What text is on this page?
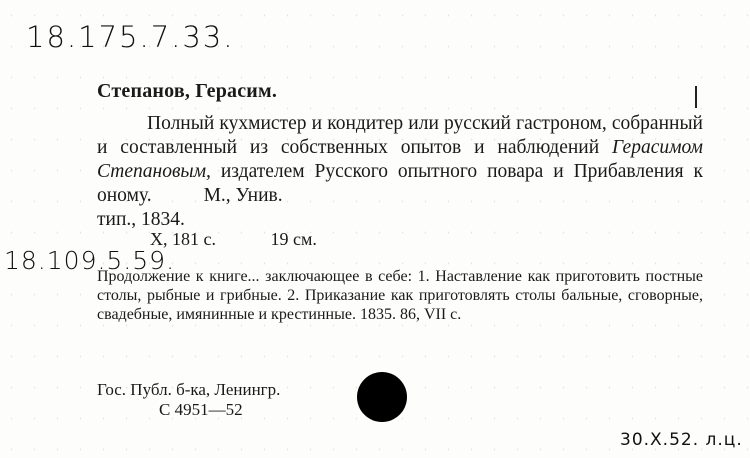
18.175.7.33.
Степанов, Герасим.
Полный кухмистер и кондитер или русский гастроном, собранный и составленный из собственных опытов и наблюдений Герасимом Степановым, издателем Русского опытного повара и Прибавления к оному.	М., Унив.
тип., 1834.
X, 181 с.	19 см.
18.109.5.59.
Продолжение к книге... заключающее в себе: 1. Наставление как приготовить постные столы, рыбные и грибные. 2. Приказание как приготовлять столы бальные, сговорные, свадебные, имянинные и крестинные. 1835. 86, VII с.
Гос. Публ. б-ка, Ленингр.
С 4951—52
30.X.52. л.ц.
